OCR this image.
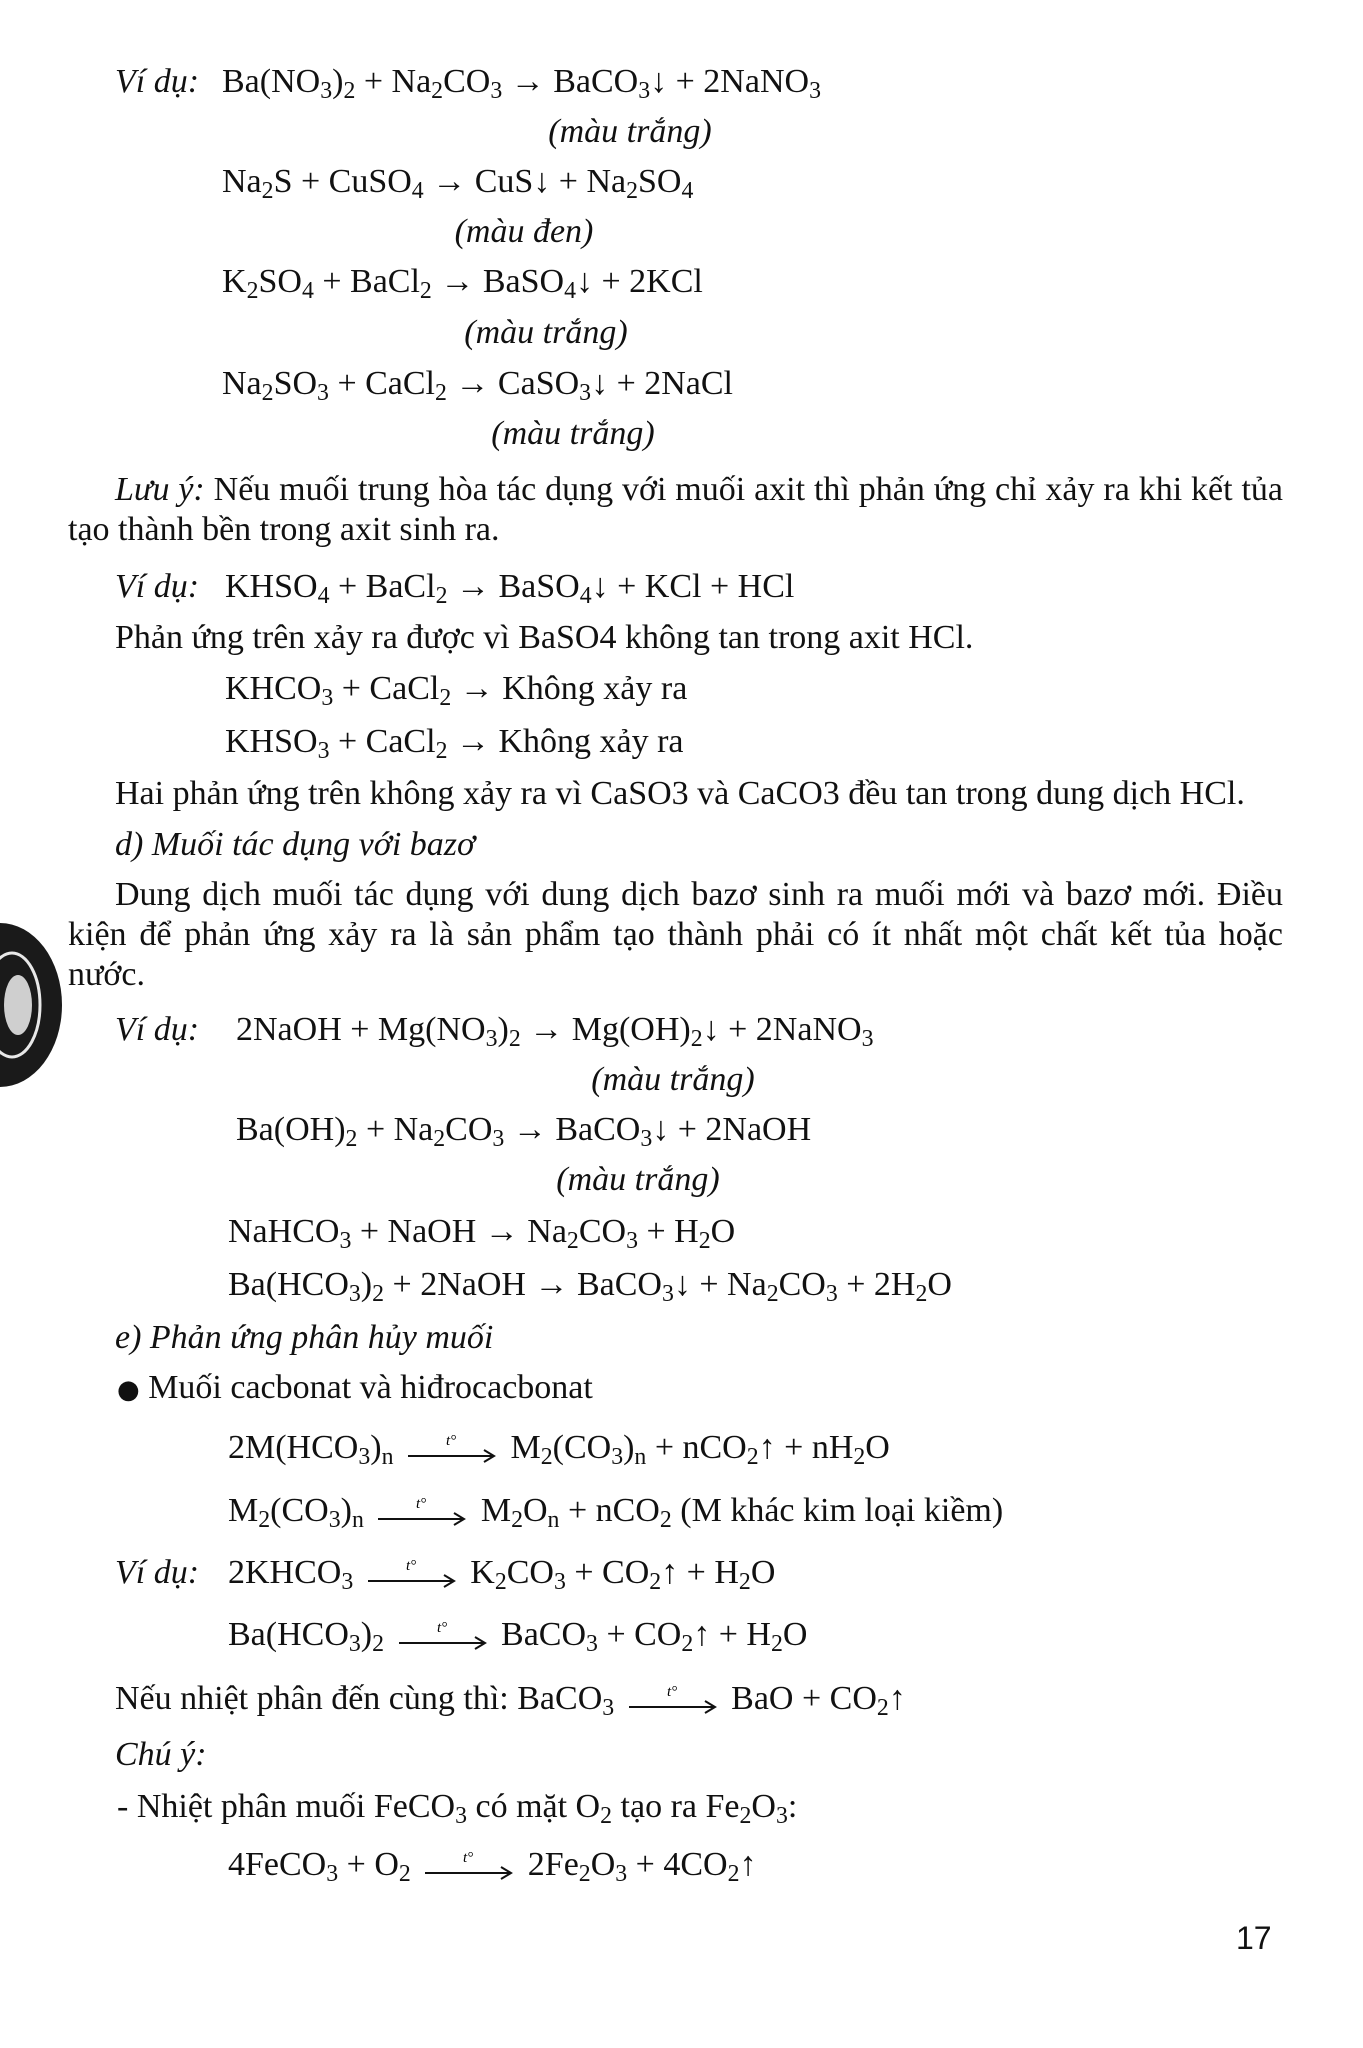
Ví dụ: $Ba(NO_3)_2 + Na_2CO_3$ → BaCO$_3$↓ + 2NaNO$_3$
(màu trắng)
$Na_2S$ + CuSO$_4$ → CuS↓ + $Na_2SO_4$
(màu đen)
$K_2SO_4$ + BaCl$_2$ → BaSO$_4$↓ + 2KCl
(màu trắng)
$Na_2SO_3$ + CaCl$_2$ → CaSO$_3$↓ + 2NaCl
(màu trắng)
Lưu ý: Nếu muối trung hòa tác dụng với muối axit thì phản ứng chỉ xảy ra khi kết tủa tạo thành bền trong axit sinh ra.
Ví dụ: $KHSO_4$ + BaCl$_2$ → BaSO$_4$↓ + KCl + HCl
Phản ứng trên xảy ra được vì BaSO4 không tan trong axit HCl.
$KHCO_3$ + CaCl$_2$ → Không xảy ra
$KHSO_3$ + CaCl$_2$ → Không xảy ra
Hai phản ứng trên không xảy ra vì CaSO3 và CaCO3 đều tan trong dung dịch HCl.
d) Muối tác dụng với bazơ
Dung dịch muối tác dụng với dung dịch bazơ sinh ra muối mới và bazơ mới. Điều kiện để phản ứng xảy ra là sản phẩm tạo thành phải có ít nhất một chất kết tủa hoặc nước.
Ví dụ: 2NaOH + $Mg(NO_3)_2$ → $Mg(OH)_2↓$ + 2NaNO$_3$
(màu trắng)
$Ba(OH)_2 + Na_2CO_3$ → BaCO$_3$↓ + 2NaOH
(màu trắng)
NaHCO$_3$ + NaOH → $Na_2CO_3 + H_2O$
$Ba(HCO_3)_2$ + 2NaOH → BaCO$_3$↓ + $Na_2CO_3 + 2H_2O$
e) Phản ứng phân hủy muối
● Muối cacbonat và hiđrocacbonat
$2M(HCO_3)_n$
t° $M_2(CO_3)_n$ + nCO$_2$↑ + $nH_2O$
$M_2(CO_3)_n$
t° $M_2O_n + nCO_2$ (M khác kim loại kiềm)
Ví dụ: $2KHCO_3$
t° $K_2CO_3$ + $CO_2↑ + H_2O$
$Ba(HCO_3)_2$
t° BaCO$_3$ + $CO_2↑ + H_2O$
Nếu nhiệt phân đến cùng thì: BaCO$_3$
t° BaO + $CO_2↑$
Chú ý:
- Nhiệt phân muối FeCO$_3$ có mặt $O_2$ tạo ra $Fe_2O_3$:
4FeCO$_3$ + $O_2$
t° $2Fe_2O_3$ + $4CO_2↑$
17
